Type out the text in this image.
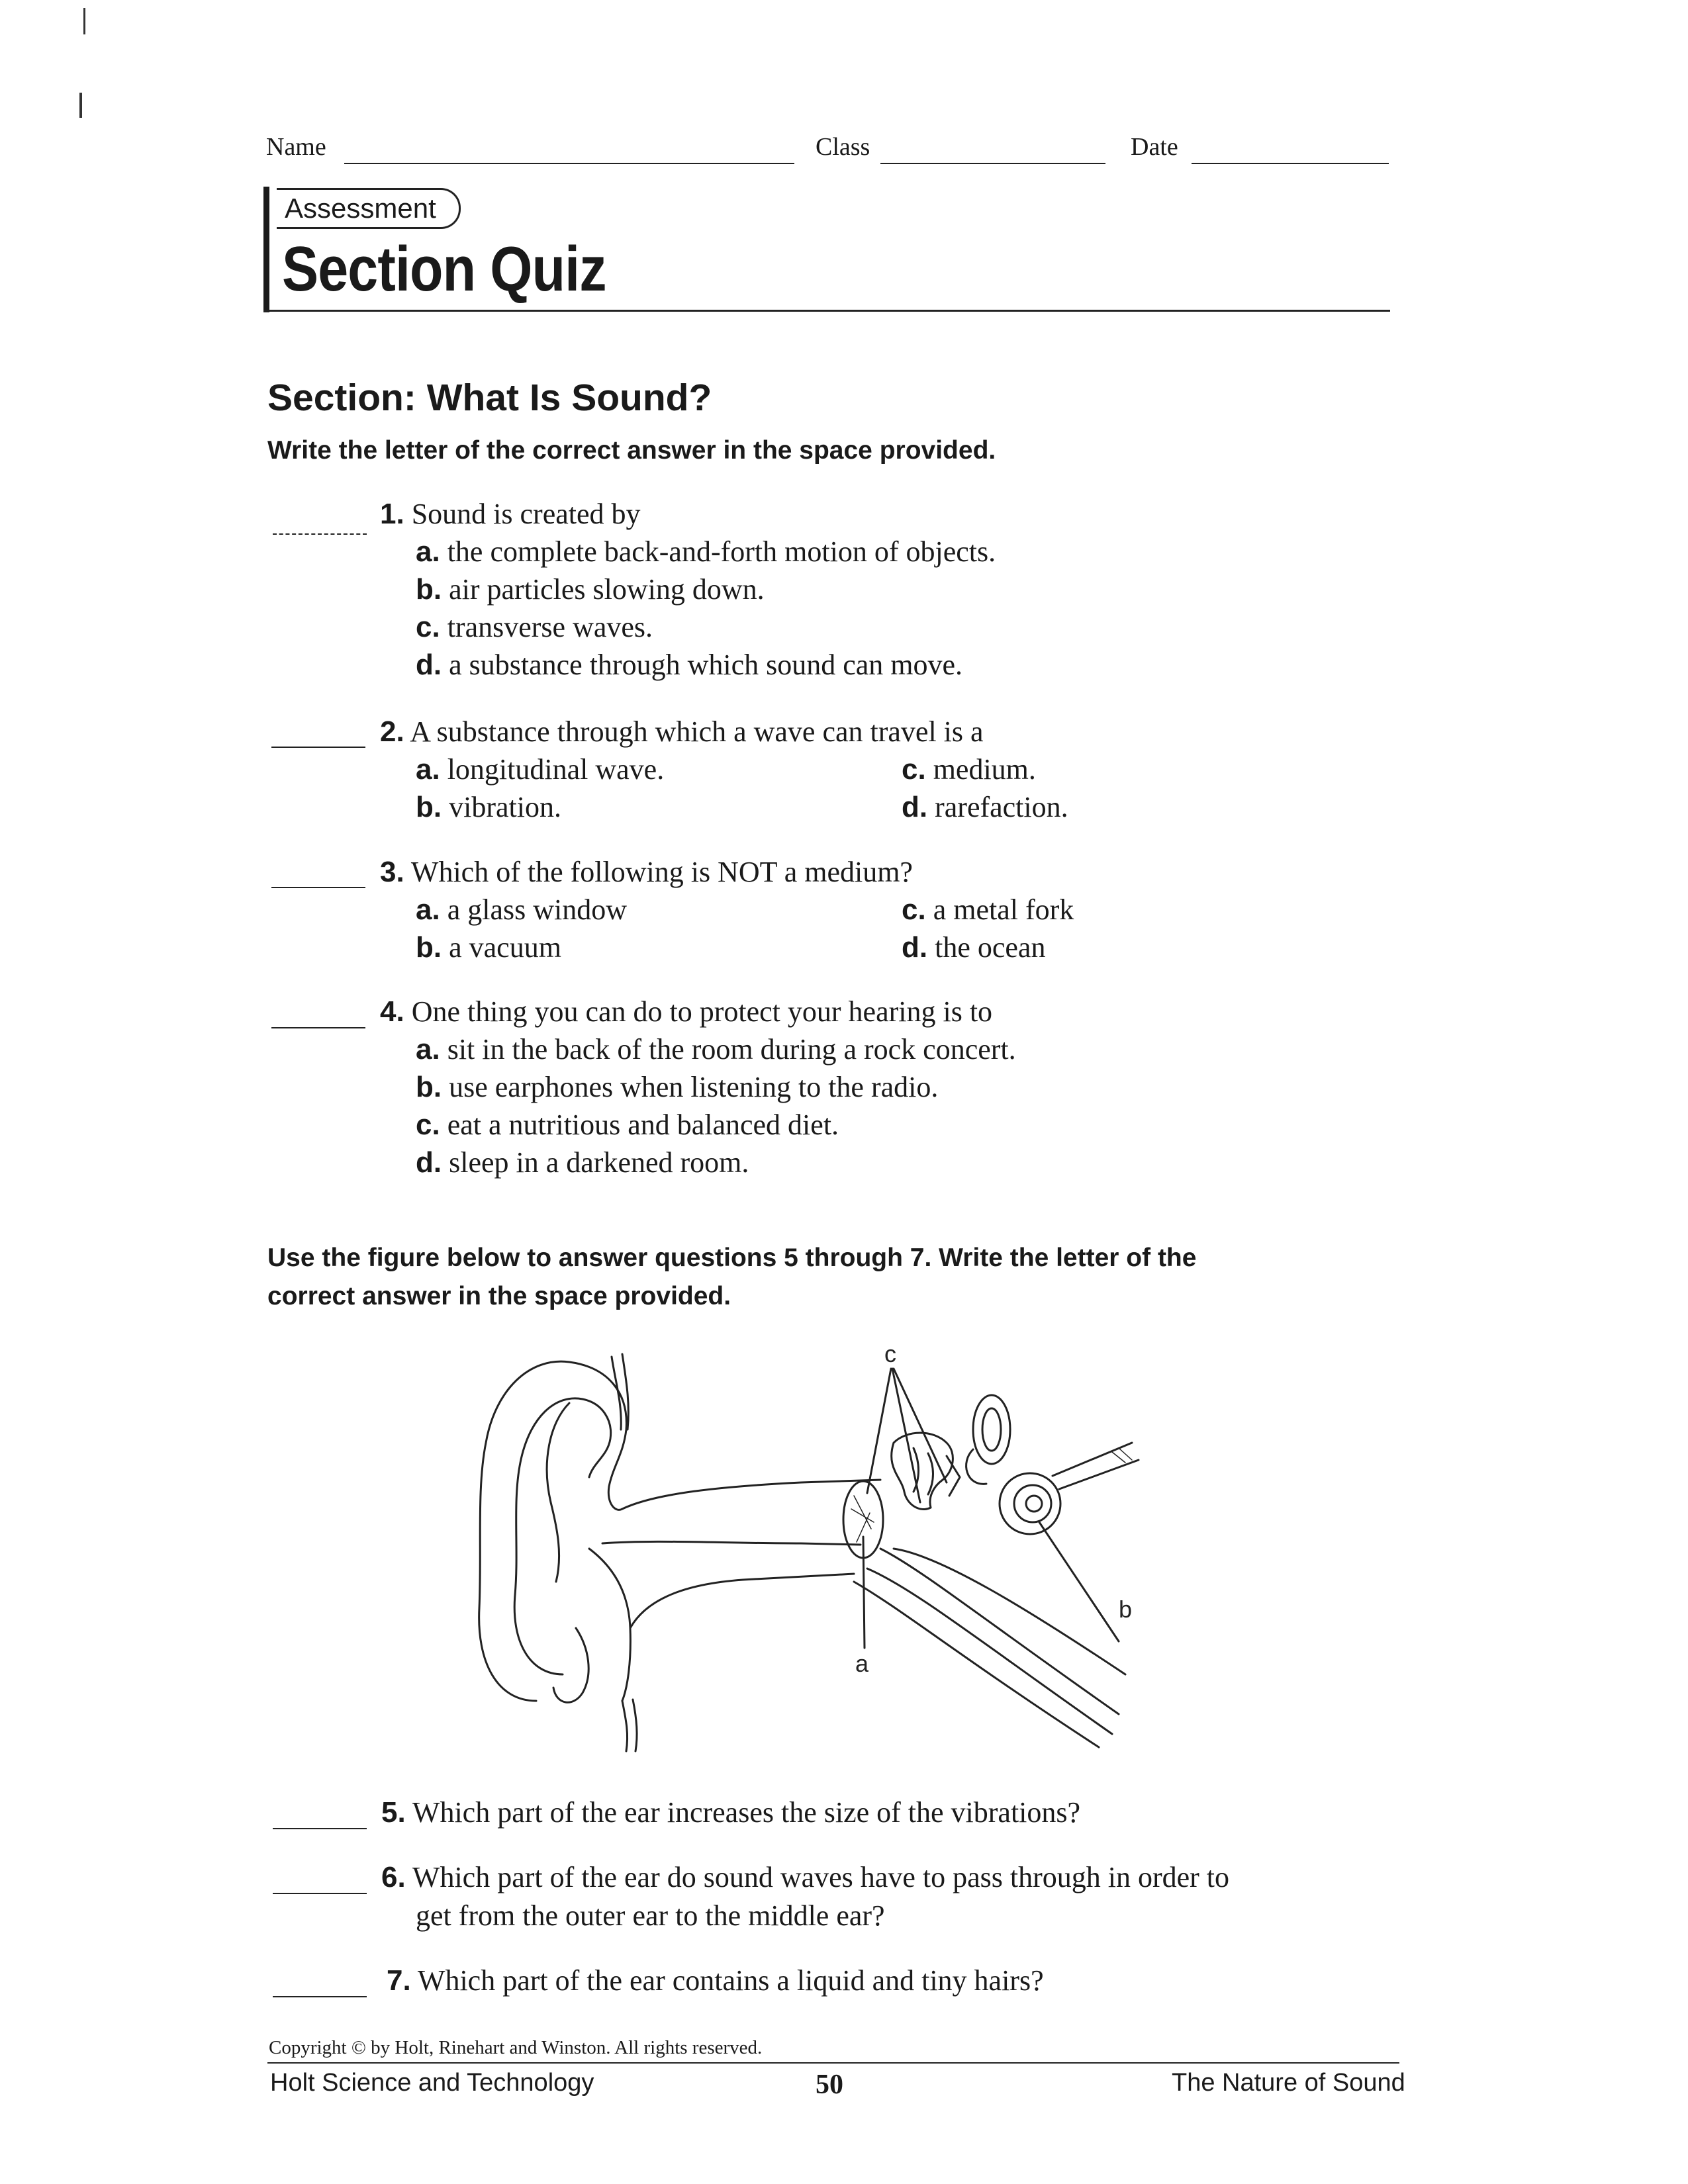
Name	Class	Date
Assessment
Section Quiz
Section: What Is Sound?
Write the letter of the correct answer in the space provided.
1. Sound is created by
a. the complete back-and-forth motion of objects.
b. air particles slowing down.
c. transverse waves.
d. a substance through which sound can move.
2. A substance through which a wave can travel is a
a. longitudinal wave.
b. vibration.
c. medium.
d. rarefaction.
3. Which of the following is NOT a medium?
a. a glass window
b. a vacuum
c. a metal fork
d. the ocean
4. One thing you can do to protect your hearing is to
a. sit in the back of the room during a rock concert.
b. use earphones when listening to the radio.
c. eat a nutritious and balanced diet.
d. sleep in a darkened room.
Use the figure below to answer questions 5 through 7. Write the letter of the
correct answer in the space provided.
c
a
b
5. Which part of the ear increases the size of the vibrations?
6. Which part of the ear do sound waves have to pass through in order to
get from the outer ear to the middle ear?
7. Which part of the ear contains a liquid and tiny hairs?
Copyright © by Holt, Rinehart and Winston. All rights reserved.
Holt Science and Technology	50	The Nature of Sound
